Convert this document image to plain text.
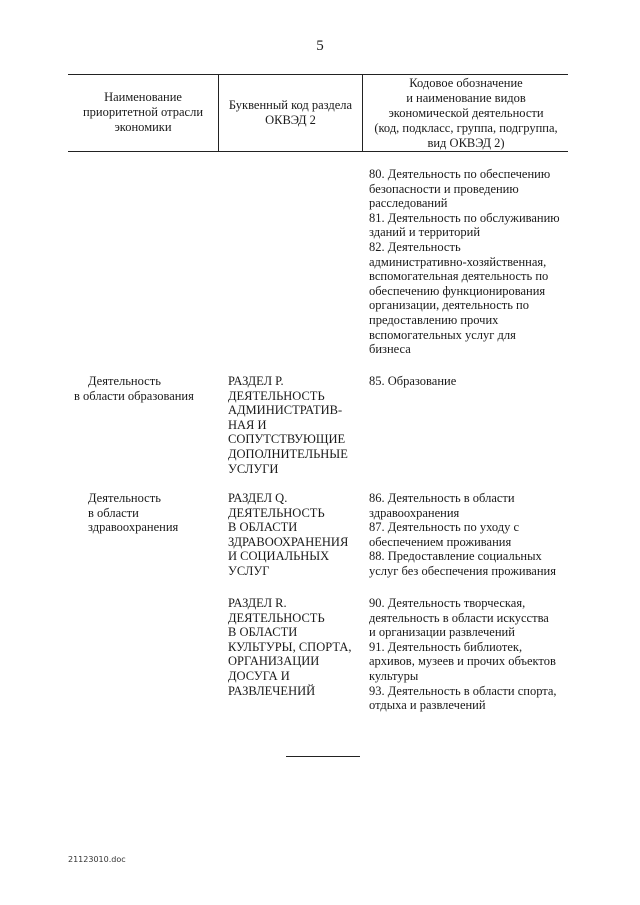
5
Наименование
приоритетной отрасли
экономики
Буквенный код раздела
ОКВЭД 2
Кодовое обозначение
и наименование видов
экономической деятельности
(код, подкласс, группа, подгруппа,
вид ОКВЭД 2)
80. Деятельность по обеспечению
безопасности и проведению
расследований
81. Деятельность по обслуживанию
зданий и территорий
82. Деятельность
административно-хозяйственная,
вспомогательная деятельность по
обеспечению функционирования
организации, деятельность по
предоставлению прочих
вспомогательных услуг для
бизнеса
Деятельность
в области образования
РАЗДЕЛ Р.
ДЕЯТЕЛЬНОСТЬ
АДМИНИСТРАТИВ-
НАЯ И
СОПУТСТВУЮЩИЕ
ДОПОЛНИТЕЛЬНЫЕ
УСЛУГИ
85. Образование
Деятельность
в области
здравоохранения
РАЗДЕЛ Q.
ДЕЯТЕЛЬНОСТЬ
В ОБЛАСТИ
ЗДРАВООХРАНЕНИЯ
И СОЦИАЛЬНЫХ
УСЛУГ
86. Деятельность в области
здравоохранения
87. Деятельность по уходу с
обеспечением проживания
88. Предоставление социальных
услуг без обеспечения проживания
РАЗДЕЛ R.
ДЕЯТЕЛЬНОСТЬ
В ОБЛАСТИ
КУЛЬТУРЫ, СПОРТА,
ОРГАНИЗАЦИИ
ДОСУГА И
РАЗВЛЕЧЕНИЙ
90. Деятельность творческая,
деятельность в области искусства
и организации развлечений
91. Деятельность библиотек,
архивов, музеев и прочих объектов
культуры
93. Деятельность в области спорта,
отдыха и развлечений
21123010.doc
